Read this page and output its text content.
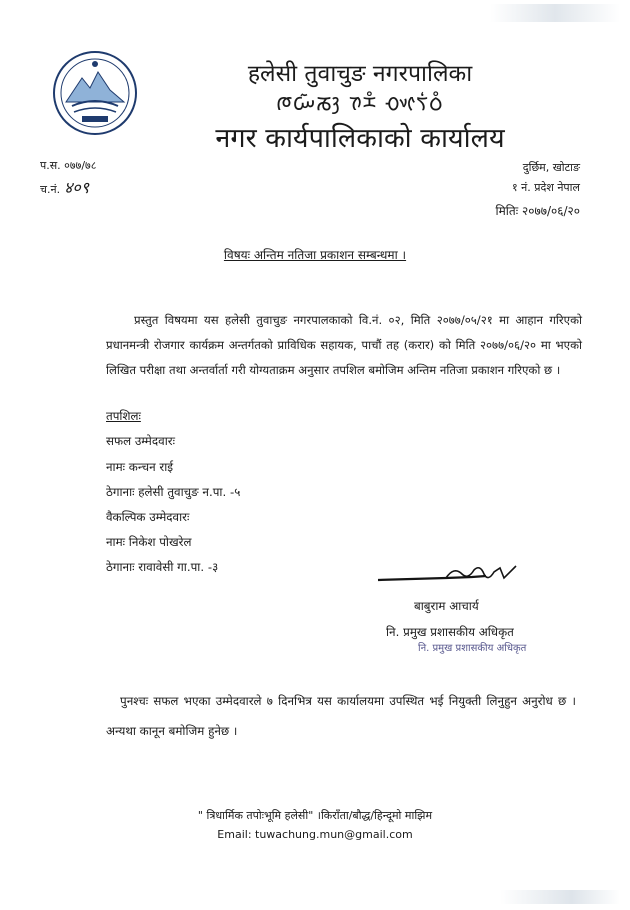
हलेसी तुवाचुङ नगरपालिका
ᰈᰠᰶᰕᰫ ᰅᰥᰌᰱ ᰆᰤᰦᰛᰭᰓᰱ
नगर कार्यपालिकाको कार्यालय
प.स. ०७७/७८
च.नं. ४०९
दुर्छिम, खोटाङ
१ नं. प्रदेश नेपाल
मितिः २०७७/०६/२०
विषयः अन्तिम नतिजा प्रकाशन सम्बन्धमा ।

प्रस्तुत विषयमा यस हलेसी तुवाचुङ नगरपालकाको वि.नं. ०२, मिति २०७७/०५/२१ मा आहान गरिएको प्रधानमन्त्री रोजगार कार्यक्रम अन्तर्गतको प्राविधिक सहायक, पाचौं तह (करार) को मिति २०७७/०६/२० मा भएको लिखित परीक्षा तथा अन्तर्वार्ता गरी योग्यताक्रम अनुसार तपशिल बमोजिम अन्तिम नतिजा प्रकाशन गरिएको छ ।

तपशिलः
सफल उम्मेदवारः
नामः कन्चन राई
ठेगानाः हलेसी तुवाचुङ न.पा. -५
वैकल्पिक उम्मेदवारः
नामः निकेश पोखरेल
ठेगानाः रावावेसी गा.पा. -३
बाबुराम आचार्य
नि. प्रमुख प्रशासकीय अधिकृत
नि. प्रमुख प्रशासकीय अधिकृत
पुनश्चः सफल भएका उम्मेदवारले ७ दिनभित्र यस कार्यालयमा उपस्थित भई नियुक्ती लिनुहुन अनुरोध छ । अन्यथा कानून बमोजिम हुनेछ ।
" त्रिधार्मिक तपोःभूमि हलेसी" ।किराँता/बौद्ध/हिन्दूमो माझिम
Email: tuwachung.mun@gmail.com
